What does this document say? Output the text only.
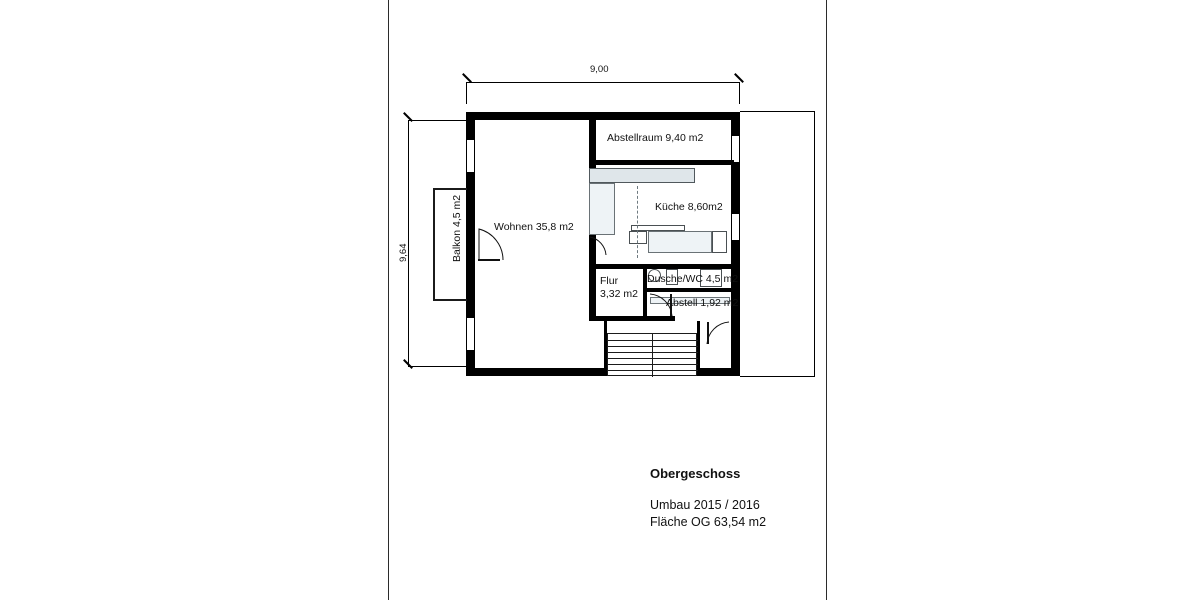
9,00
9,64	Balkon 4,5 m2	Wohnen 35,8 m2
Abstellraum 9,40 m2
Küche 8,60m2
Dusche/WC 4,5 m2
Abstell 1,92 m2
Flur
3,32 m2
Obergeschoss
Umbau 2015 / 2016
Fläche OG 63,54 m2
